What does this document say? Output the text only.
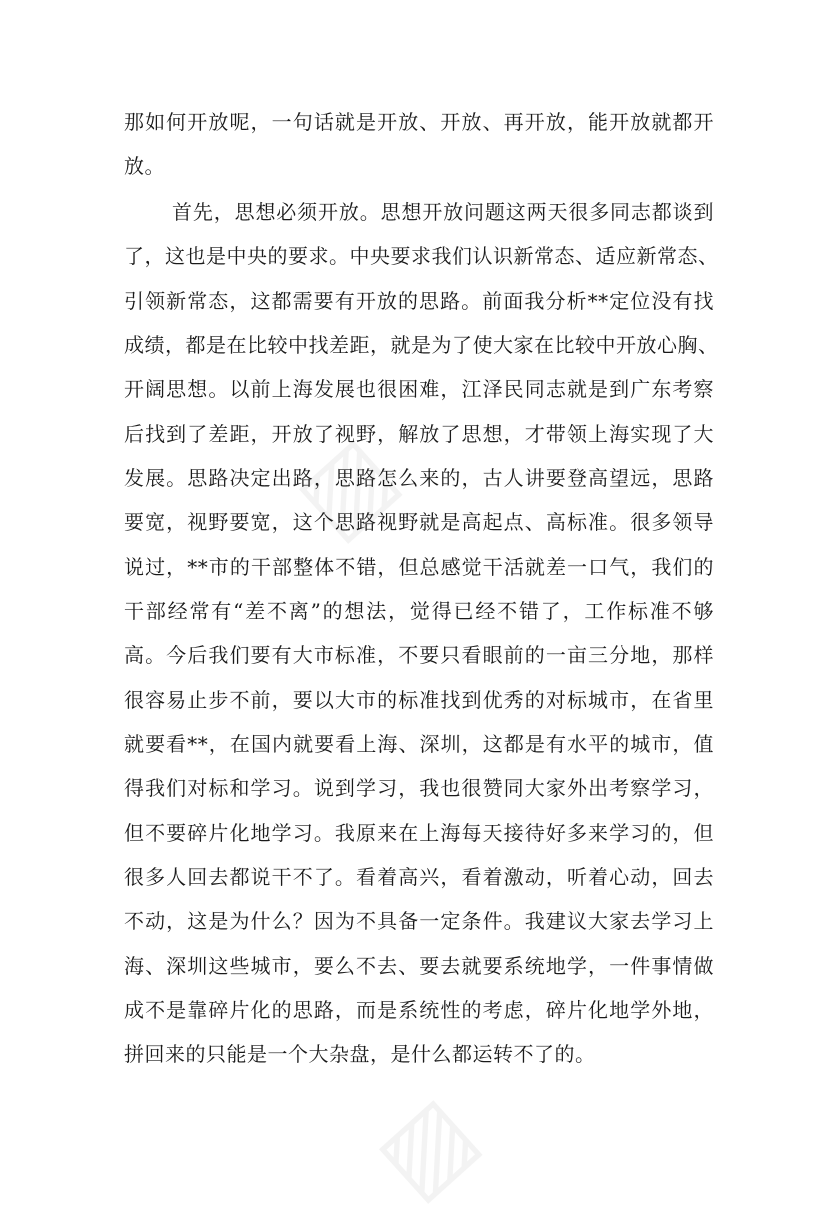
▨
▨
那如何开放呢，一句话就是开放、开放、再开放，能开放就都开
放。
首先，思想必须开放。思想开放问题这两天很多同志都谈到
了，这也是中央的要求。中央要求我们认识新常态、适应新常态、
引领新常态，这都需要有开放的思路。前面我分析**定位没有找
成绩，都是在比较中找差距，就是为了使大家在比较中开放心胸、
开阔思想。以前上海发展也很困难，江泽民同志就是到广东考察
后找到了差距，开放了视野，解放了思想，才带领上海实现了大
发展。思路决定出路，思路怎么来的，古人讲要登高望远，思路
要宽，视野要宽，这个思路视野就是高起点、高标准。很多领导
说过，**市的干部整体不错，但总感觉干活就差一口气，我们的
干部经常有“差不离”的想法，觉得已经不错了，工作标准不够
高。今后我们要有大市标准，不要只看眼前的一亩三分地，那样
很容易止步不前，要以大市的标准找到优秀的对标城市，在省里
就要看**，在国内就要看上海、深圳，这都是有水平的城市，值
得我们对标和学习。说到学习，我也很赞同大家外出考察学习，
但不要碎片化地学习。我原来在上海每天接待好多来学习的，但
很多人回去都说干不了。看着高兴，看着激动，听着心动，回去
不动，这是为什么？因为不具备一定条件。我建议大家去学习上
海、深圳这些城市，要么不去、要去就要系统地学，一件事情做
成不是靠碎片化的思路，而是系统性的考虑，碎片化地学外地，
拼回来的只能是一个大杂盘，是什么都运转不了的。
